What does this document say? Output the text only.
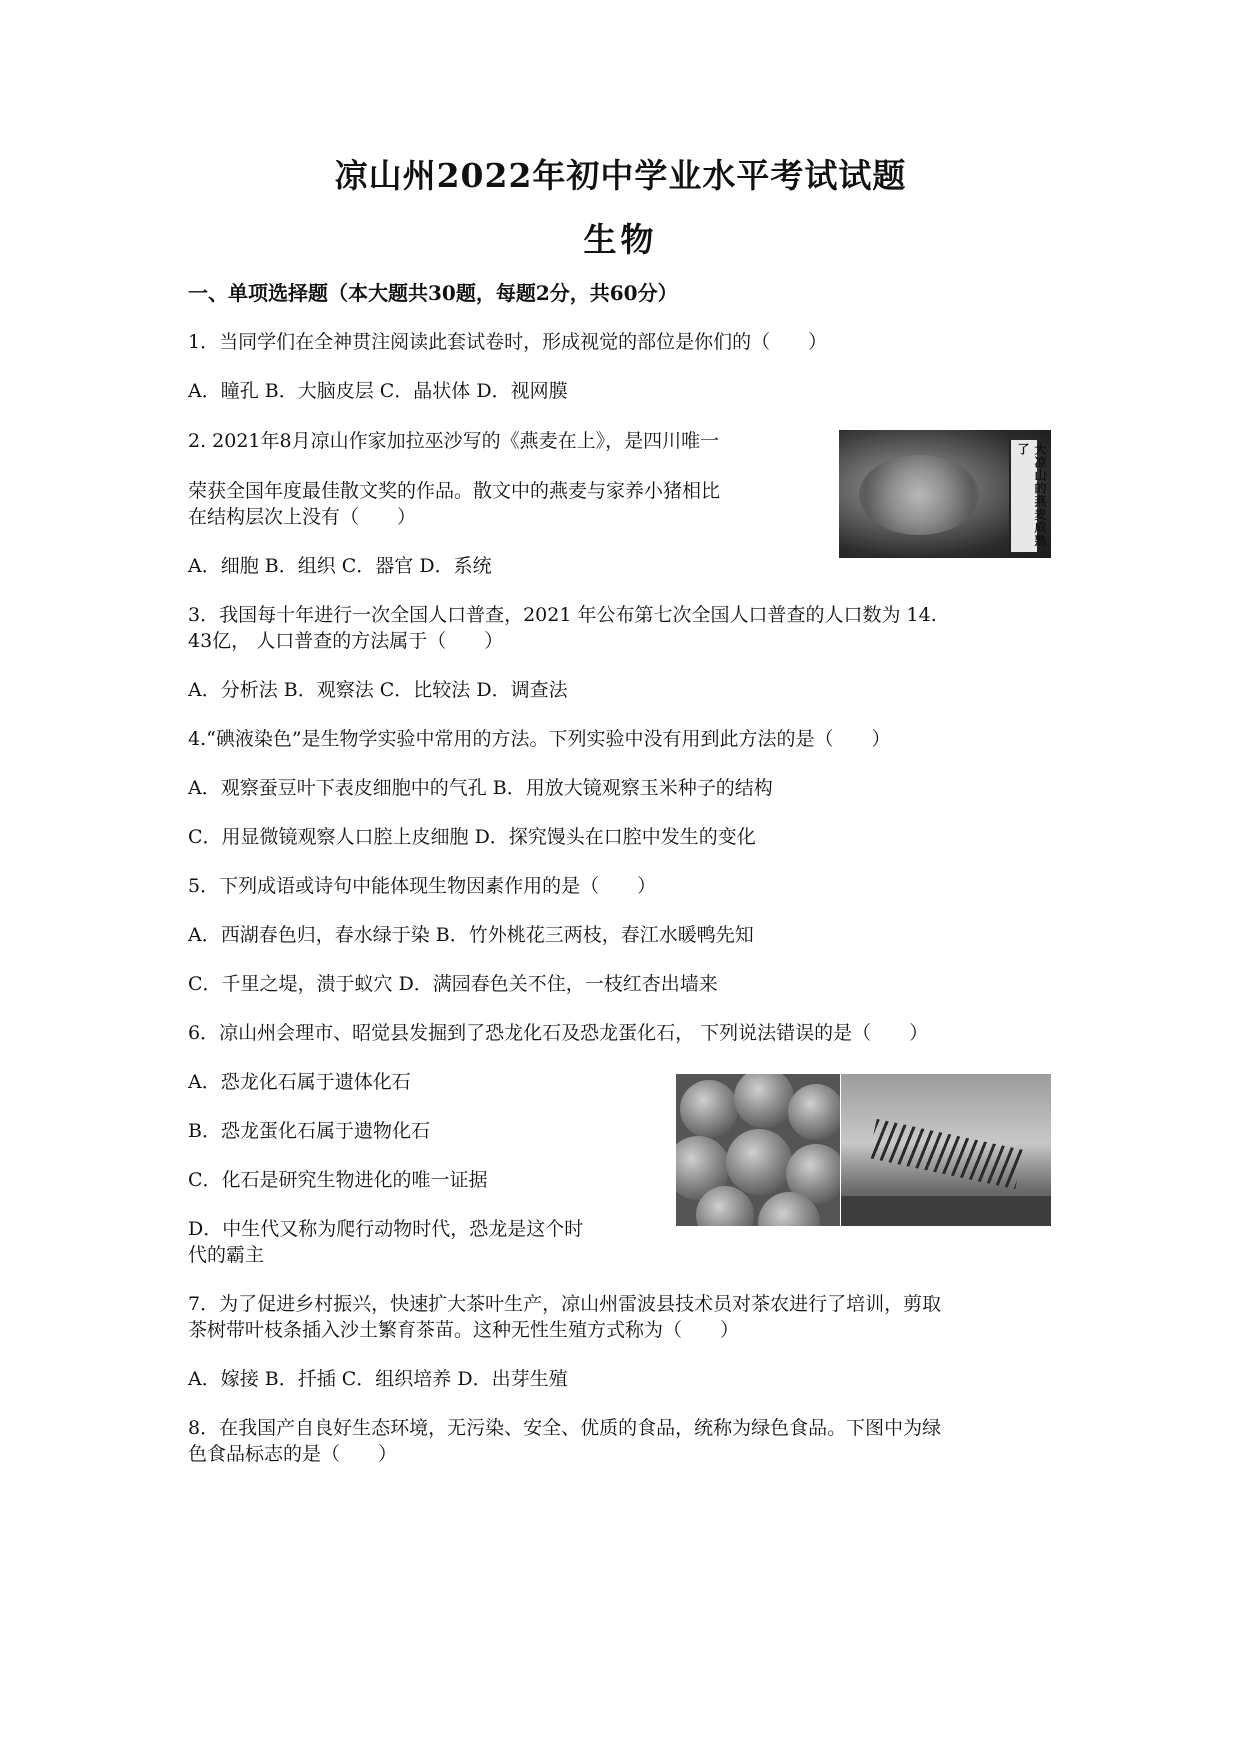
凉山州2022年初中学业水平考试试题
生物
一、单项选择题（本大题共30题，每题2分，共60分）
1．当同学们在全神贯注阅读此套试卷时，形成视觉的部位是你们的（　　）
A．瞳孔 B．大脑皮层 C．晶状体 D．视网膜
2. 2021年8月凉山作家加拉巫沙写的《燕麦在上》，是四川唯一
荣获全国年度最佳散文奖的作品。散文中的燕麦与家养小猪相比
在结构层次上没有（　　）
A．细胞 B．组织 C．器官 D．系统
3．我国每十年进行一次全国人口普查，2021 年公布第七次全国人口普查的人口数为 14.
43亿， 人口普查的方法属于（　　）
A．分析法 B．观察法 C．比较法 D．调查法
4.“碘液染色”是生物学实验中常用的方法。下列实验中没有用到此方法的是（　　）
A．观察蚕豆叶下表皮细胞中的气孔 B．用放大镜观察玉米种子的结构
C．用显微镜观察人口腔上皮细胞 D．探究馒头在口腔中发生的变化
5．下列成语或诗句中能体现生物因素作用的是（　　）
A．西湖春色归，春水绿于染 B．竹外桃花三两枝，春江水暖鸭先知
C．千里之堤，溃于蚁穴 D．满园春色关不住，一枝红杏出墙来
6．凉山州会理市、昭觉县发掘到了恐龙化石及恐龙蛋化石， 下列说法错误的是（　　）
A．恐龙化石属于遗体化石
B．恐龙蛋化石属于遗物化石
C．化石是研究生物进化的唯一证据
D．中生代又称为爬行动物时代，恐龙是这个时
代的霸主
7．为了促进乡村振兴，快速扩大茶叶生产，凉山州雷波县技术员对茶农进行了培训，剪取
茶树带叶枝条插入沙土繁育茶苗。这种无性生殖方式称为（　　）
A．嫁接 B．扦插 C．组织培养 D．出芽生殖
8．在我国产自良好生态环境，无污染、安全、优质的食品，统称为绿色食品。下图中为绿
色食品标志的是（　　）
大凉山的燕麦成熟了
